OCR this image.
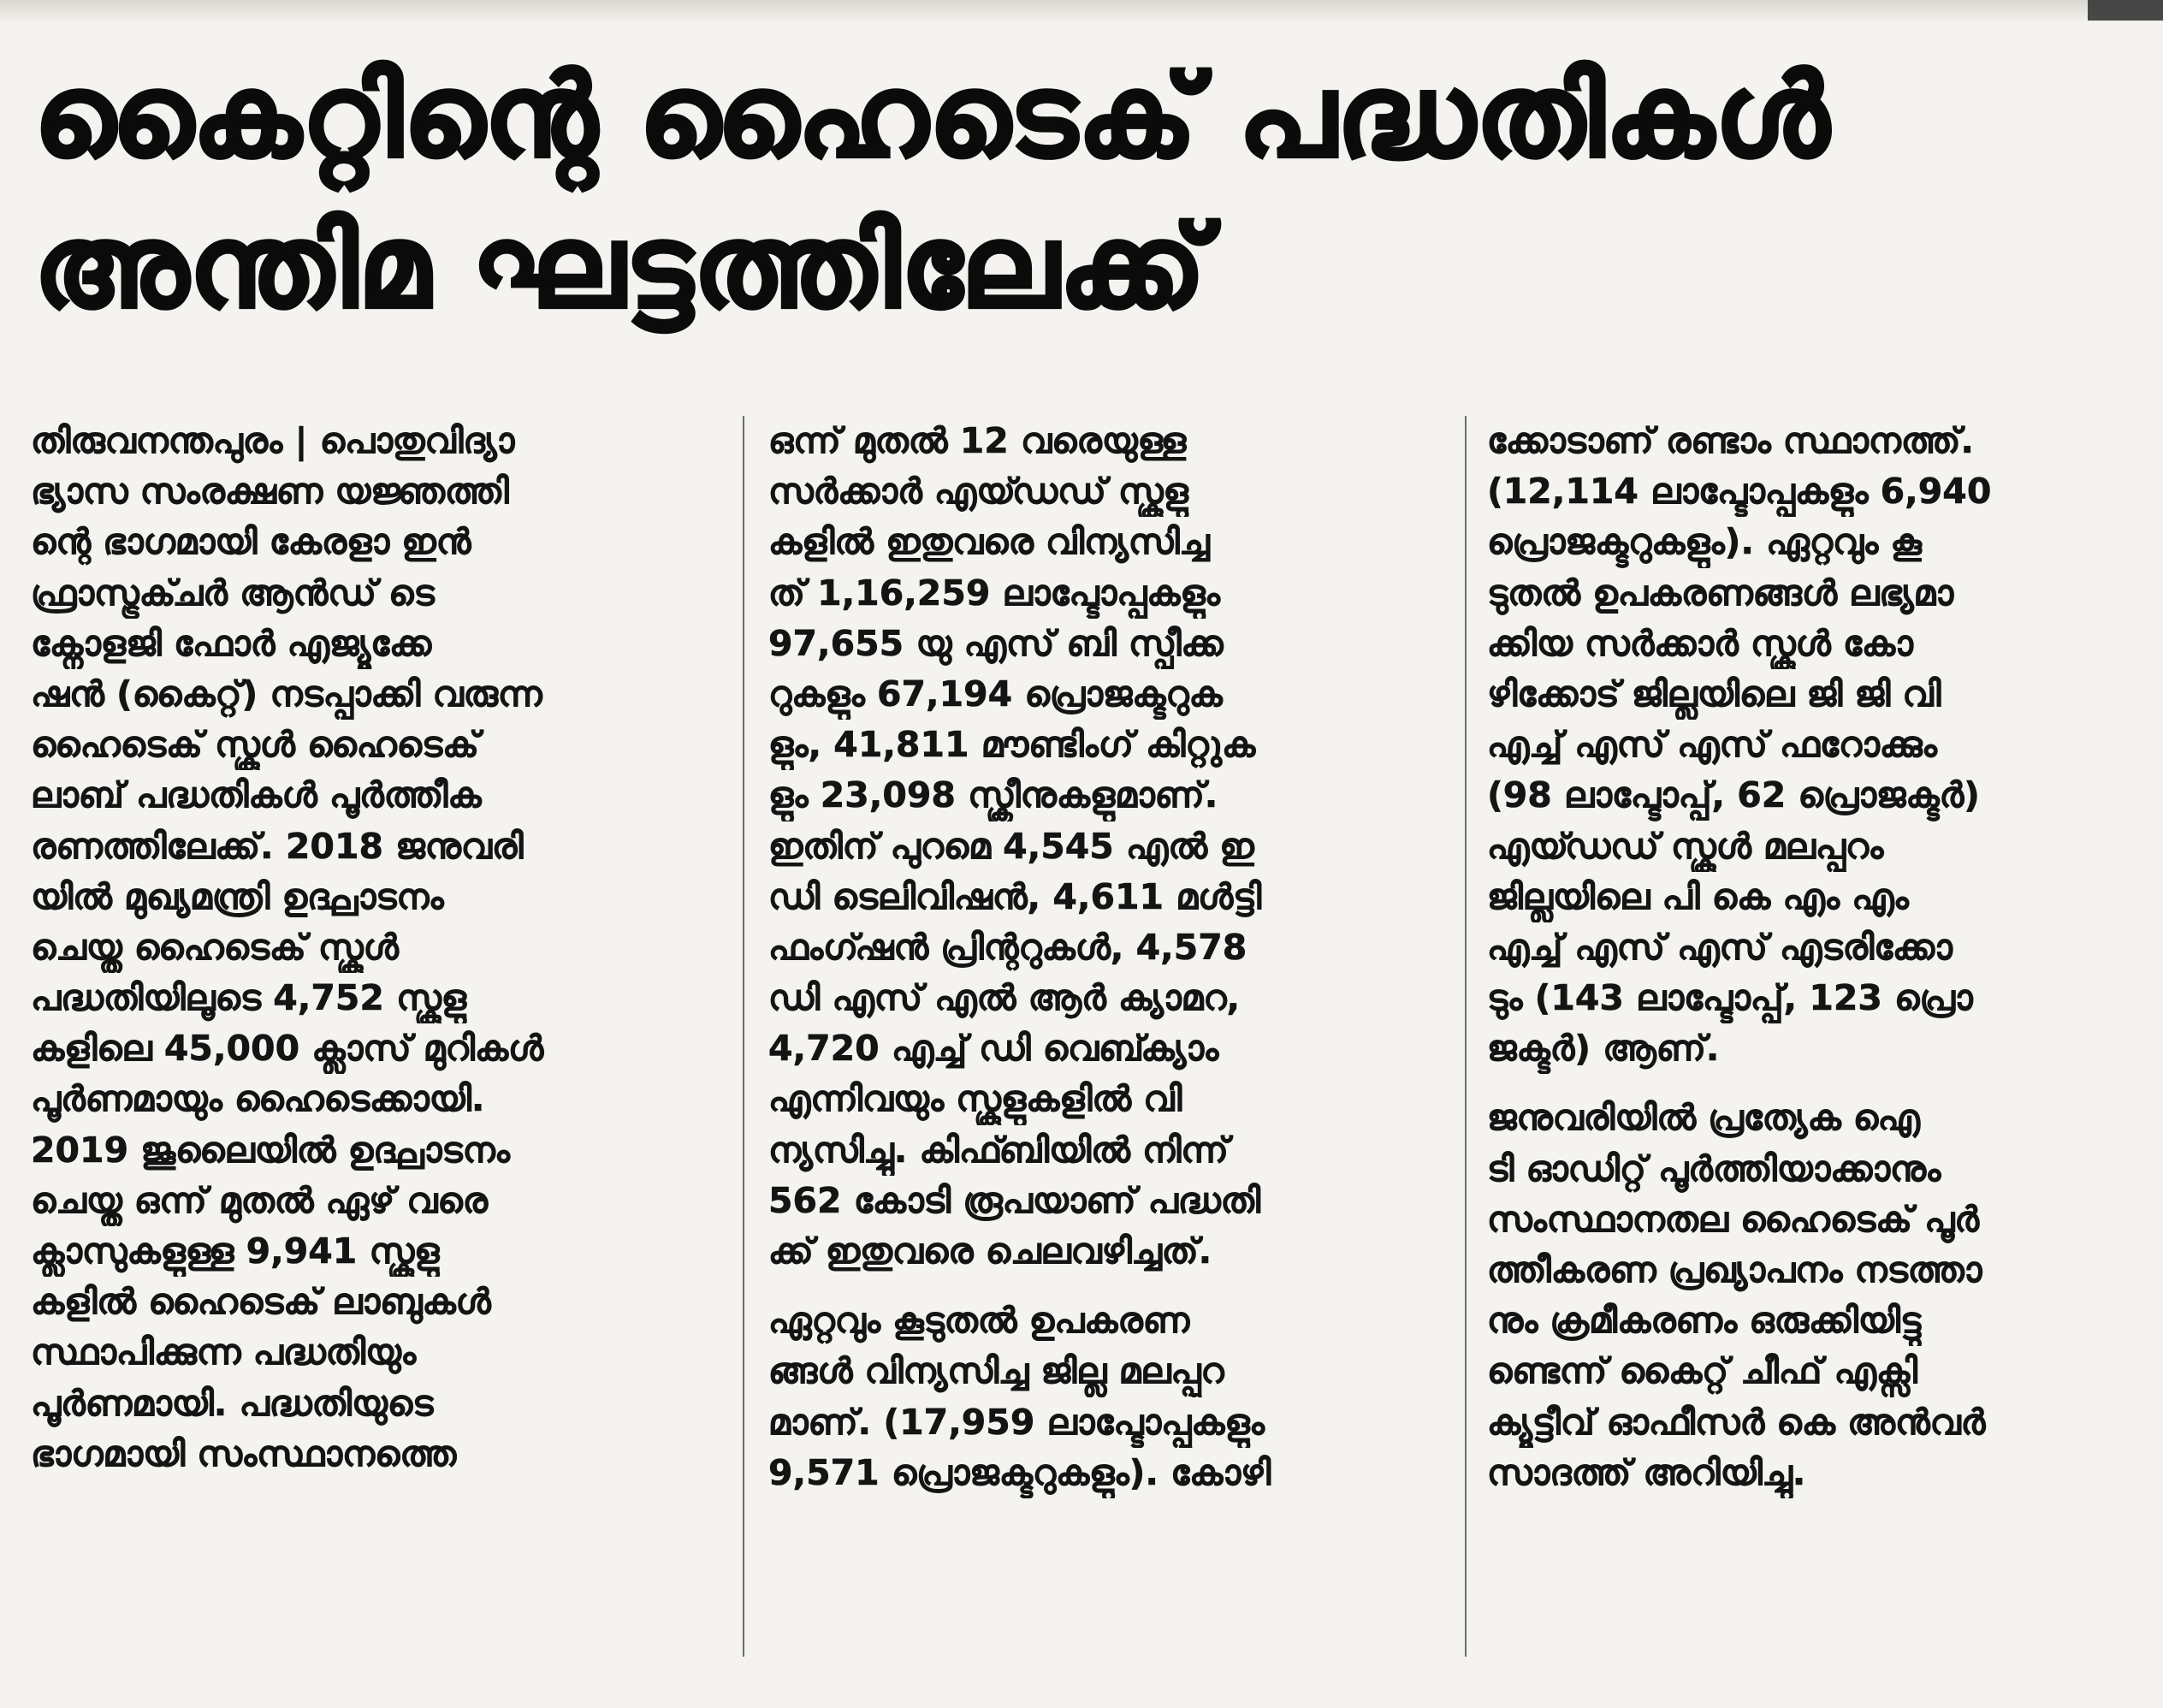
കൈറ്റിന്റെ ഹൈടെക് പദ്ധതികൾ
അന്തിമ ഘട്ടത്തിലേക്ക്
തിരുവനന്തപുരം | പൊതുവിദ്യാ
ഭ്യാസ സംരക്ഷണ യജ്ഞത്തി
ന്റെ ഭാഗമായി കേരളാ ഇൻ
ഫ്രാസ്ട്രക്ചർ ആൻഡ് ടെ
ക്നോളജി ഫോർ എജ്യൂക്കേ
ഷൻ (കൈറ്റ്) നടപ്പാക്കി വരുന്ന
ഹൈടെക് സ്കൂൾ ഹൈടെക്
ലാബ് പദ്ധതികൾ പൂർത്തീക
രണത്തിലേക്ക്. 2018 ജനുവരി
യിൽ മുഖ്യമന്ത്രി ഉദ്ഘാടനം
ചെയ്ത ഹൈടെക് സ്കൂൾ
പദ്ധതിയിലൂടെ 4,752 സ്കൂളു
കളിലെ 45,000 ക്ലാസ് മുറികൾ
പൂർണമായും ഹൈടെക്കായി.
2019 ജൂലൈയിൽ ഉദ്ഘാടനം
ചെയ്ത ഒന്ന് മുതൽ ഏഴ് വരെ
ക്ലാസുകളുള്ള 9,941 സ്കൂളു
കളിൽ ഹൈടെക് ലാബുകൾ
സ്ഥാപിക്കുന്ന പദ്ധതിയും
പൂർണമായി. പദ്ധതിയുടെ
ഭാഗമായി സംസ്ഥാനത്തെ
ഒന്ന് മുതൽ 12 വരെയുള്ള
സർക്കാർ എയ്ഡഡ് സ്കൂളു
കളിൽ ഇതുവരെ വിന്യസിച്ച
ത് 1,16,259 ലാപ്ടോപ്പുകളും
97,655 യു എസ് ബി സ്പീക്ക
റുകളും 67,194 പ്രൊജക്ടറുക
ളും, 41,811 മൗണ്ടിംഗ് കിറ്റുക
ളും 23,098 സ്ക്രീനുകളുമാണ്.
ഇതിന് പുറമെ 4,545 എൽ ഇ
ഡി ടെലിവിഷൻ, 4,611 മൾട്ടി
ഫംഗ്ഷൻ പ്രിന്ററുകൾ, 4,578
ഡി എസ് എൽ ആർ ക്യാമറ,
4,720 എച്ച് ഡി വെബ്ക്യാം
എന്നിവയും സ്കൂളുകളിൽ വി
ന്യസിച്ചു. കിഫ്ബിയിൽ നിന്ന്
562 കോടി രൂപയാണ് പദ്ധതി
ക്ക് ഇതുവരെ ചെലവഴിച്ചത്.
ഏറ്റവും കൂടുതൽ ഉപകരണ
ങ്ങൾ വിന്യസിച്ച ജില്ല മലപ്പുറ
മാണ്. (17,959 ലാപ്ടോപ്പുകളും
9,571 പ്രൊജക്ടറുകളും). കോഴി
ക്കോടാണ് രണ്ടാം സ്ഥാനത്ത്.
(12,114 ലാപ്ടോപ്പുകളും 6,940
പ്രൊജക്ടറുകളും). ഏറ്റവും കൂ
ടുതൽ ഉപകരണങ്ങൾ ലഭ്യമാ
ക്കിയ സർക്കാർ സ്കൂൾ കോ
ഴിക്കോട് ജില്ലയിലെ ജി ജി വി
എച്ച് എസ് എസ് ഫറോക്കും
(98 ലാപ്ടോപ്പ്, 62 പ്രൊജക്ടർ)
എയ്ഡഡ് സ്കൂൾ മലപ്പുറം
ജില്ലയിലെ പി കെ എം എം
എച്ച് എസ് എസ് എടരിക്കോ
ടും (143 ലാപ്ടോപ്പ്, 123 പ്രൊ
ജക്ടർ) ആണ്.
ജനുവരിയിൽ പ്രത്യേക ഐ
ടി ഓഡിറ്റ് പൂർത്തിയാക്കാനും
സംസ്ഥാനതല ഹൈടെക് പൂർ
ത്തീകരണ പ്രഖ്യാപനം നടത്താ
നും ക്രമീകരണം ഒരുക്കിയിട്ടു
ണ്ടെന്ന് കൈറ്റ് ചീഫ് എക്സി
ക്യൂട്ടീവ് ഓഫീസർ കെ അൻവർ
സാദത്ത് അറിയിച്ചു.
